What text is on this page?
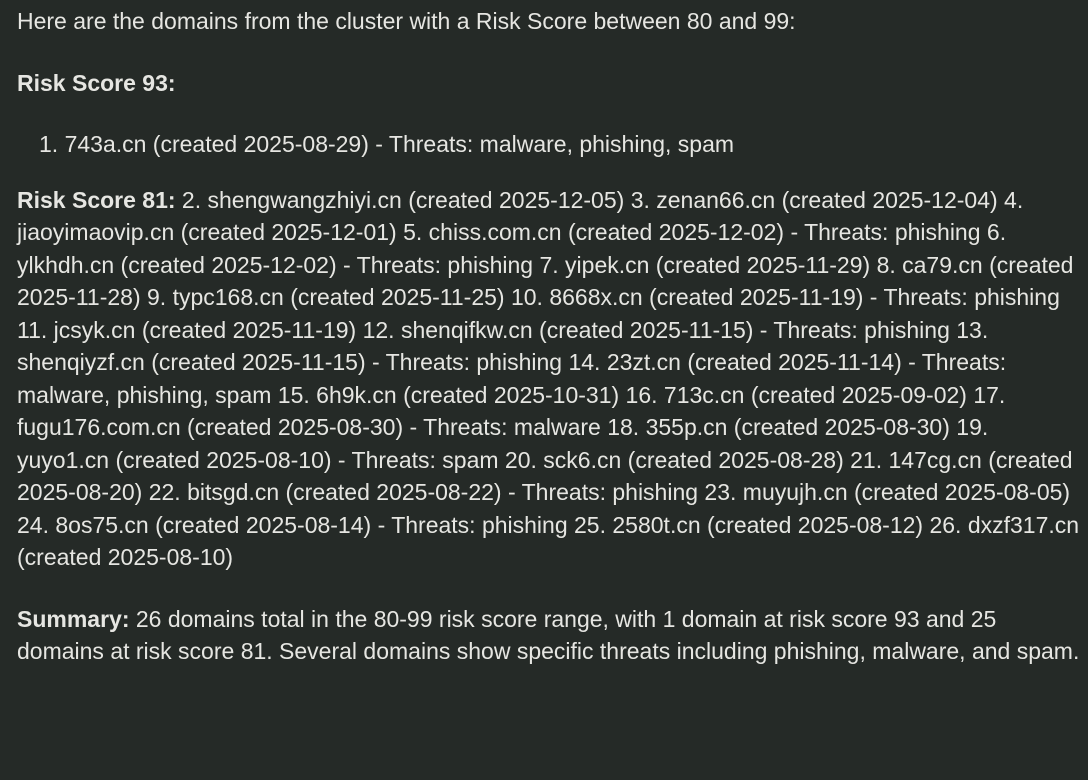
Here are the domains from the cluster with a Risk Score between 80 and 99:

Risk Score 93:

1. 743a.cn (created 2025-08-29) - Threats: malware, phishing, spam

Risk Score 81: 2. shengwangzhiyi.cn (created 2025-12-05) 3. zenan66.cn (created 2025-12-04) 4. jiaoyimaovip.cn (created 2025-12-01) 5. chiss.com.cn (created 2025-12-02) - Threats: phishing 6. ylkhdh.cn (created 2025-12-02) - Threats: phishing 7. yipek.cn (created 2025-11-29) 8. ca79.cn (created 2025-11-28) 9. typc168.cn (created 2025-11-25) 10. 8668x.cn (created 2025-11-19) - Threats: phishing 11. jcsyk.cn (created 2025-11-19) 12. shenqifkw.cn (created 2025-11-15) - Threats: phishing 13. shenqiyzf.cn (created 2025-11-15) - Threats: phishing 14. 23zt.cn (created 2025-11-14) - Threats: malware, phishing, spam 15. 6h9k.cn (created 2025-10-31) 16. 713c.cn (created 2025-09-02) 17. fugu176.com.cn (created 2025-08-30) - Threats: malware 18. 355p.cn (created 2025-08-30) 19. yuyo1.cn (created 2025-08-10) - Threats: spam 20. sck6.cn (created 2025-08-28) 21. 147cg.cn (created 2025-08-20) 22. bitsgd.cn (created 2025-08-22) - Threats: phishing 23. muyujh.cn (created 2025-08-05) 24. 8os75.cn (created 2025-08-14) - Threats: phishing 25. 2580t.cn (created 2025-08-12) 26. dxzf317.cn (created 2025-08-10)

Summary: 26 domains total in the 80-99 risk score range, with 1 domain at risk score 93 and 25 domains at risk score 81. Several domains show specific threats including phishing, malware, and spam.
